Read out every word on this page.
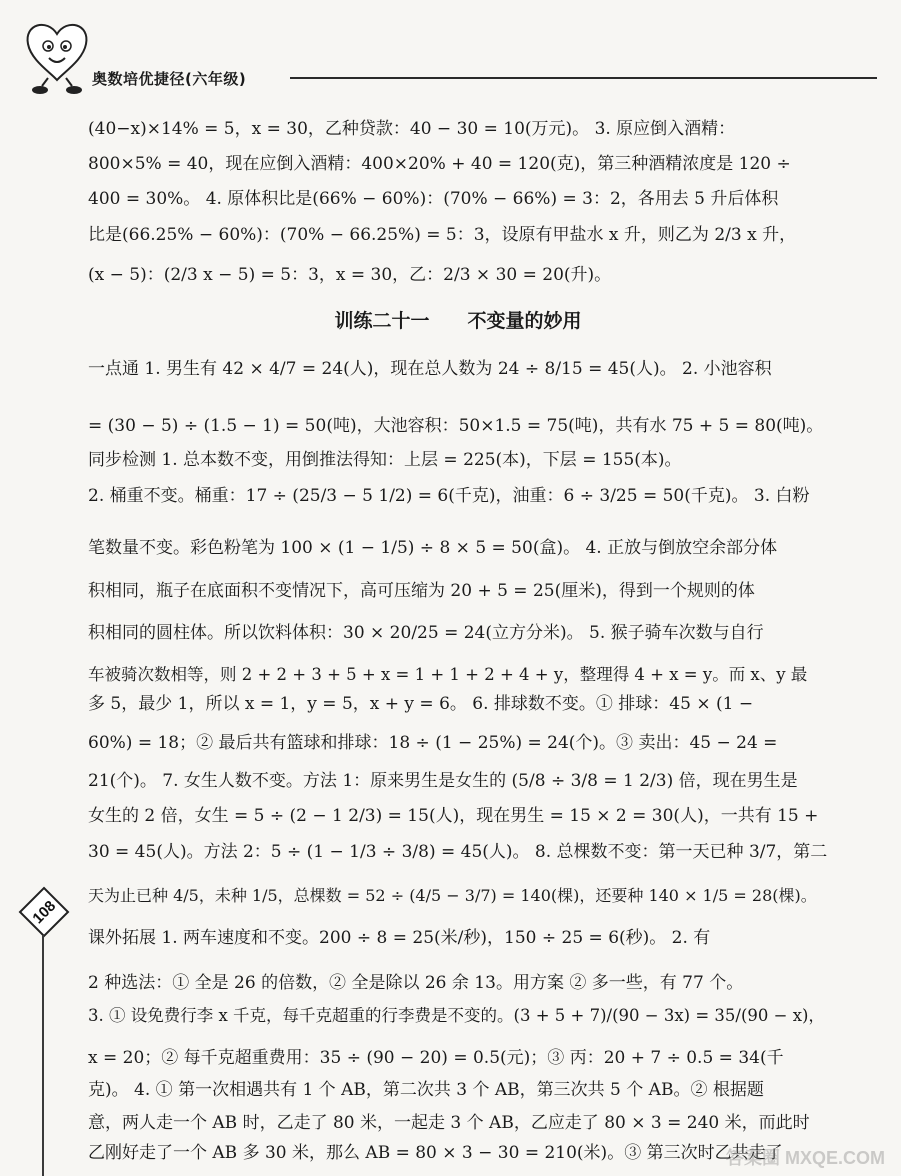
奥数培优捷径(六年级)
108
(40−x)×14% = 5，x = 30，乙种贷款：40 − 30 = 10(万元)。 3. 原应倒入酒精：
800×5% = 40，现在应倒入酒精：400×20% + 40 = 120(克)，第三种酒精浓度是 120 ÷
400 = 30%。 4. 原体积比是(66% − 60%)：(70% − 66%) = 3：2，各用去 5 升后体积
比是(66.25% − 60%)：(70% − 66.25%) = 5：3，设原有甲盐水 x 升，则乙为 2/3 x 升，
(x − 5)：(2/3 x − 5) = 5：3，x = 30，乙：2/3 × 30 = 20(升)。
训练二十一　　不变量的妙用
一点通 1. 男生有 42 × 4/7 = 24(人)，现在总人数为 24 ÷ 8/15 = 45(人)。 2. 小池容积
= (30 − 5) ÷ (1.5 − 1) = 50(吨)，大池容积：50×1.5 = 75(吨)，共有水 75 + 5 = 80(吨)。
同步检测 1. 总本数不变，用倒推法得知：上层 = 225(本)，下层 = 155(本)。
2. 桶重不变。桶重：17 ÷ (25/3 − 5 1/2) = 6(千克)，油重：6 ÷ 3/25 = 50(千克)。 3. 白粉
笔数量不变。彩色粉笔为 100 × (1 − 1/5) ÷ 8 × 5 = 50(盒)。 4. 正放与倒放空余部分体
积相同，瓶子在底面积不变情况下，高可压缩为 20 + 5 = 25(厘米)，得到一个规则的体
积相同的圆柱体。所以饮料体积：30 × 20/25 = 24(立方分米)。 5. 猴子骑车次数与自行
车被骑次数相等，则 2 + 2 + 3 + 5 + x = 1 + 1 + 2 + 4 + y，整理得 4 + x = y。而 x、y 最
多 5，最少 1，所以 x = 1，y = 5，x + y = 6。 6. 排球数不变。① 排球：45 × (1 −
60%) = 18；② 最后共有篮球和排球：18 ÷ (1 − 25%) = 24(个)。③ 卖出：45 − 24 =
21(个)。 7. 女生人数不变。方法 1：原来男生是女生的 (5/8 ÷ 3/8 = 1 2/3) 倍，现在男生是
女生的 2 倍，女生 = 5 ÷ (2 − 1 2/3) = 15(人)，现在男生 = 15 × 2 = 30(人)，一共有 15 +
30 = 45(人)。方法 2：5 ÷ (1 − 1/3 ÷ 3/8) = 45(人)。 8. 总棵数不变：第一天已种 3/7，第二
天为止已种 4/5，未种 1/5，总棵数 = 52 ÷ (4/5 − 3/7) = 140(棵)，还要种 140 × 1/5 = 28(棵)。
课外拓展 1. 两车速度和不变。200 ÷ 8 = 25(米/秒)，150 ÷ 25 = 6(秒)。 2. 有
2 种选法：① 全是 26 的倍数，② 全是除以 26 余 13。用方案 ② 多一些，有 77 个。
3. ① 设免费行李 x 千克，每千克超重的行李费是不变的。(3 + 5 + 7)/(90 − 3x) = 35/(90 − x)，
x = 20；② 每千克超重费用：35 ÷ (90 − 20) = 0.5(元)；③ 丙：20 + 7 ÷ 0.5 = 34(千
克)。 4. ① 第一次相遇共有 1 个 AB，第二次共 3 个 AB，第三次共 5 个 AB。② 根据题
意，两人走一个 AB 时，乙走了 80 米，一起走 3 个 AB，乙应走了 80 × 3 = 240 米，而此时
乙刚好走了一个 AB 多 30 米，那么 AB = 80 × 3 − 30 = 210(米)。③ 第三次时乙共走了
答案圈 MXQE.COM
